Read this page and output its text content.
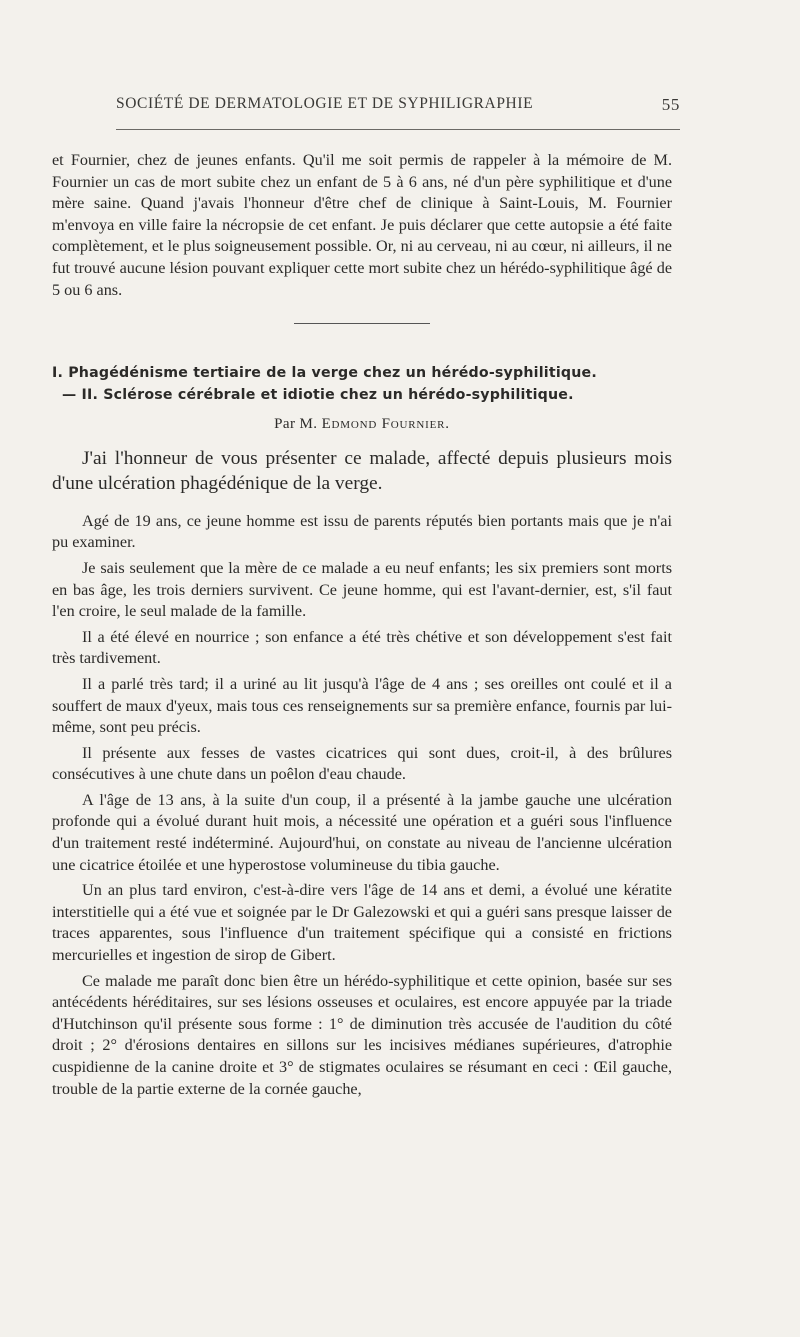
SOCIÉTÉ DE DERMATOLOGIE ET DE SYPHILIGRAPHIE	55

et Fournier, chez de jeunes enfants. Qu'il me soit permis de rappeler à la mémoire de M. Fournier un cas de mort subite chez un enfant de 5 à 6 ans, né d'un père syphilitique et d'une mère saine. Quand j'avais l'honneur d'être chef de clinique à Saint-Louis, M. Fournier m'envoya en ville faire la nécropsie de cet enfant. Je puis déclarer que cette autopsie a été faite complètement, et le plus soigneusement possible. Or, ni au cerveau, ni au cœur, ni ailleurs, il ne fut trouvé aucune lésion pouvant expliquer cette mort subite chez un hérédo-syphilitique âgé de 5 ou 6 ans.

I. Phagédénisme tertiaire de la verge chez un hérédo-syphilitique.
— II. Sclérose cérébrale et idiotie chez un hérédo-syphilitique.
Par M. Edmond Fournier.

J'ai l'honneur de vous présenter ce malade, affecté depuis plusieurs mois d'une ulcération phagédénique de la verge.

Agé de 19 ans, ce jeune homme est issu de parents réputés bien portants mais que je n'ai pu examiner.

Je sais seulement que la mère de ce malade a eu neuf enfants; les six premiers sont morts en bas âge, les trois derniers survivent. Ce jeune homme, qui est l'avant-dernier, est, s'il faut l'en croire, le seul malade de la famille.

Il a été élevé en nourrice ; son enfance a été très chétive et son développement s'est fait très tardivement.

Il a parlé très tard; il a uriné au lit jusqu'à l'âge de 4 ans ; ses oreilles ont coulé et il a souffert de maux d'yeux, mais tous ces renseignements sur sa première enfance, fournis par lui-même, sont peu précis.

Il présente aux fesses de vastes cicatrices qui sont dues, croit-il, à des brûlures consécutives à une chute dans un poêlon d'eau chaude.

A l'âge de 13 ans, à la suite d'un coup, il a présenté à la jambe gauche une ulcération profonde qui a évolué durant huit mois, a nécessité une opération et a guéri sous l'influence d'un traitement resté indéterminé. Aujourd'hui, on constate au niveau de l'ancienne ulcération une cicatrice étoilée et une hyperostose volumineuse du tibia gauche.

Un an plus tard environ, c'est-à-dire vers l'âge de 14 ans et demi, a évolué une kératite interstitielle qui a été vue et soignée par le Dr Galezowski et qui a guéri sans presque laisser de traces apparentes, sous l'influence d'un traitement spécifique qui a consisté en frictions mercurielles et ingestion de sirop de Gibert.

Ce malade me paraît donc bien être un hérédo-syphilitique et cette opinion, basée sur ses antécédents héréditaires, sur ses lésions osseuses et oculaires, est encore appuyée par la triade d'Hutchinson qu'il présente sous forme : 1° de diminution très accusée de l'audition du côté droit ; 2° d'érosions dentaires en sillons sur les incisives médianes supérieures, d'atrophie cuspidienne de la canine droite et 3° de stigmates oculaires se résumant en ceci : Œil gauche, trouble de la partie externe de la cornée gauche,
